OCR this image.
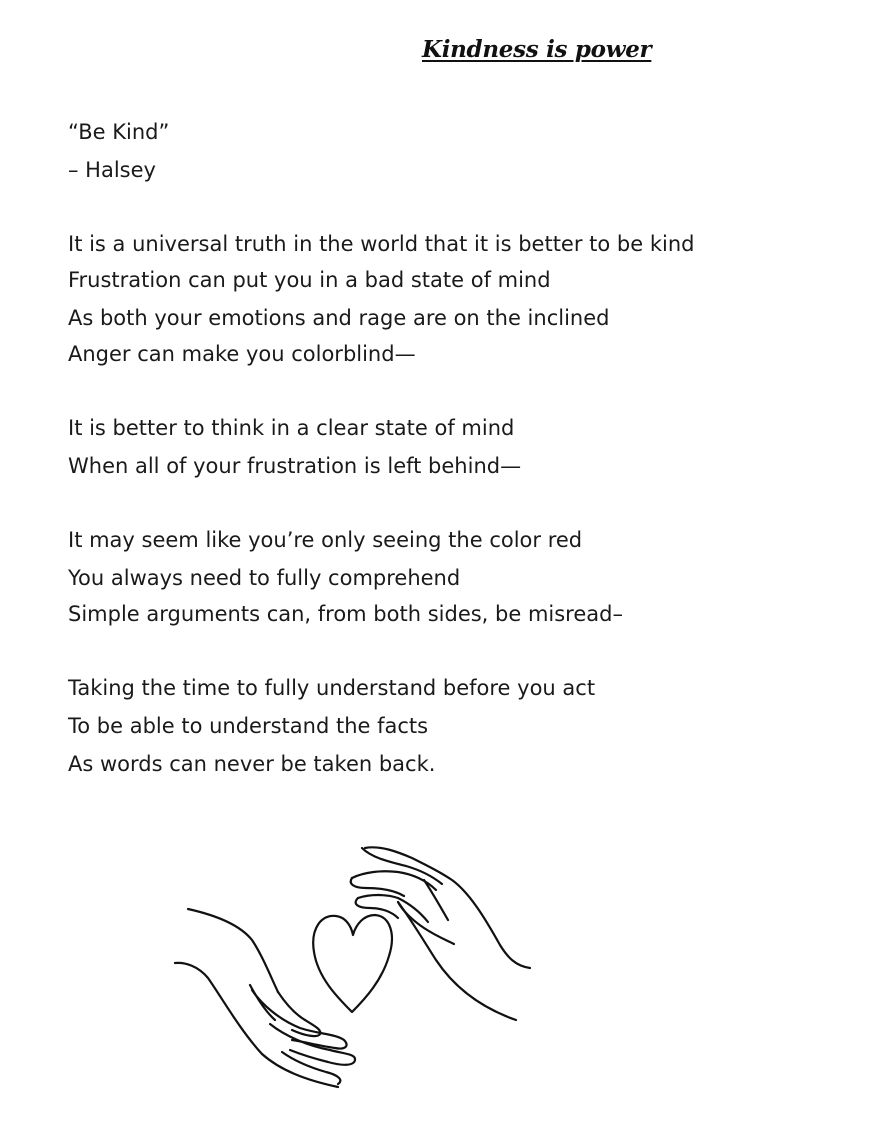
Kindness is power
“Be Kind”
– Halsey
It is a universal truth in the world that it is better to be kind
Frustration can put you in a bad state of mind
As both your emotions and rage are on the inclined
Anger can make you colorblind—
It is better to think in a clear state of mind
When all of your frustration is left behind—
It may seem like you’re only seeing the color red
You always need to fully comprehend
Simple arguments can, from both sides, be misread–
Taking the time to fully understand before you act
To be able to understand the facts
As words can never be taken back.
